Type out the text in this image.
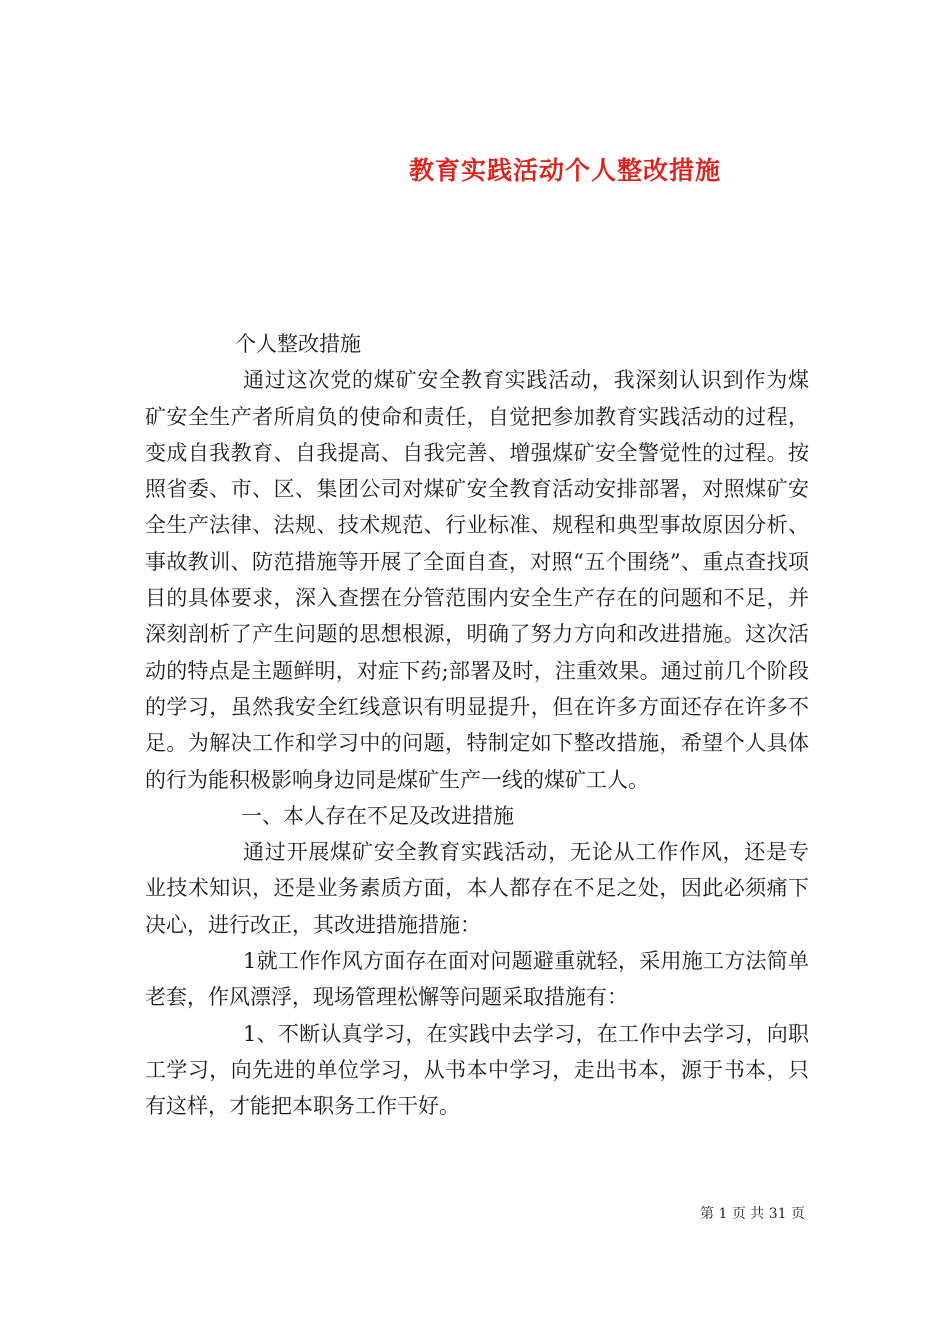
教育实践活动个人整改措施

个人整改措施

通过这次党的煤矿安全教育实践活动，我深刻认识到作为煤矿安全生产者所肩负的使命和责任，自觉把参加教育实践活动的过程，变成自我教育、自我提高、自我完善、增强煤矿安全警觉性的过程。按照省委、市、区、集团公司对煤矿安全教育活动安排部署，对照煤矿安全生产法律、法规、技术规范、行业标准、规程和典型事故原因分析、事故教训、防范措施等开展了全面自查，对照“五个围绕”、重点查找项目的具体要求，深入查摆在分管范围内安全生产存在的问题和不足，并深刻剖析了产生问题的思想根源，明确了努力方向和改进措施。这次活动的特点是主题鲜明，对症下药;部署及时，注重效果。通过前几个阶段的学习，虽然我安全红线意识有明显提升，但在许多方面还存在许多不足。为解决工作和学习中的问题，特制定如下整改措施，希望个人具体的行为能积极影响身边同是煤矿生产一线的煤矿工人。

一、本人存在不足及改进措施

通过开展煤矿安全教育实践活动，无论从工作作风，还是专业技术知识，还是业务素质方面，本人都存在不足之处，因此必须痛下决心，进行改正，其改进措施措施：

1就工作作风方面存在面对问题避重就轻，采用施工方法简单老套，作风漂浮，现场管理松懈等问题采取措施有：

1、不断认真学习，在实践中去学习，在工作中去学习，向职工学习，向先进的单位学习，从书本中学习，走出书本，源于书本，只有这样，才能把本职务工作干好。

第 1 页 共 31 页
